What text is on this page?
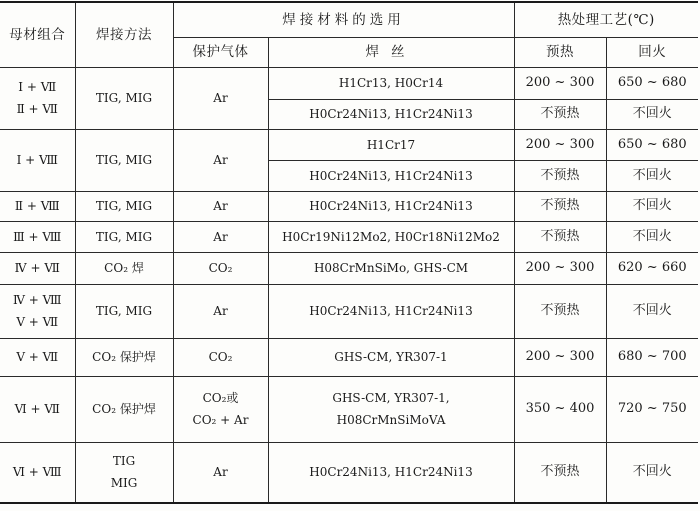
母材组合	焊接方法	焊接材料的选用		热处理工艺(℃)	
		保护气体	焊丝	预热	回火

Ⅰ + Ⅶ
Ⅱ + Ⅶ	TIG, MIG	Ar	H1Cr13, H0Cr14	200 ~ 300	650 ~ 680

			H0Cr24Ni13, H1Cr24Ni13	不预热	不回火

Ⅰ + Ⅷ	TIG, MIG	Ar	H1Cr17	200 ~ 300	650 ~ 680

			H0Cr24Ni13, H1Cr24Ni13	不预热	不回火

Ⅱ + Ⅷ	TIG, MIG	Ar	H0Cr24Ni13, H1Cr24Ni13	不预热	不回火

Ⅲ + Ⅷ	TIG, MIG	Ar	H0Cr19Ni12Mo2, H0Cr18Ni12Mo2	不预热	不回火

Ⅳ + Ⅶ	CO₂ 焊	CO₂	H08CrMnSiMo, GHS-CM	200 ~ 300	620 ~ 660

Ⅳ + Ⅷ
Ⅴ + Ⅶ	TIG, MIG	Ar	H0Cr24Ni13, H1Cr24Ni13	不预热	不回火

Ⅴ + Ⅶ	CO₂ 保护焊	CO₂	GHS-CM, YR307-1	200 ~ 300	680 ~ 700

Ⅵ + Ⅶ	CO₂ 保护焊	CO₂或
CO₂ + Ar	GHS-CM, YR307-1,
H08CrMnSiMoVA	350 ~ 400	720 ~ 750

Ⅵ + Ⅷ	TIG
MIG	Ar	H0Cr24Ni13, H1Cr24Ni13	不预热	不回火
